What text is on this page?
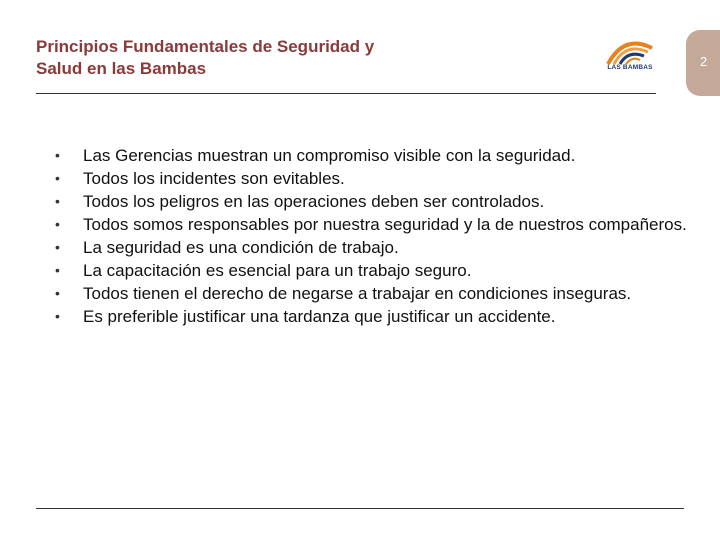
Principios Fundamentales de Seguridad y
Salud en las Bambas	LAS BAMBAS	2
• Las Gerencias muestran un compromiso visible con la seguridad.
• Todos los incidentes son evitables.
• Todos los peligros en las operaciones deben ser controlados.
• Todos somos responsables por nuestra seguridad y la de nuestros compañeros.
• La seguridad es una condición de trabajo.
• La capacitación es esencial para un trabajo seguro.
• Todos tienen el derecho de negarse a trabajar en condiciones inseguras.
• Es preferible justificar una tardanza que justificar un accidente.
